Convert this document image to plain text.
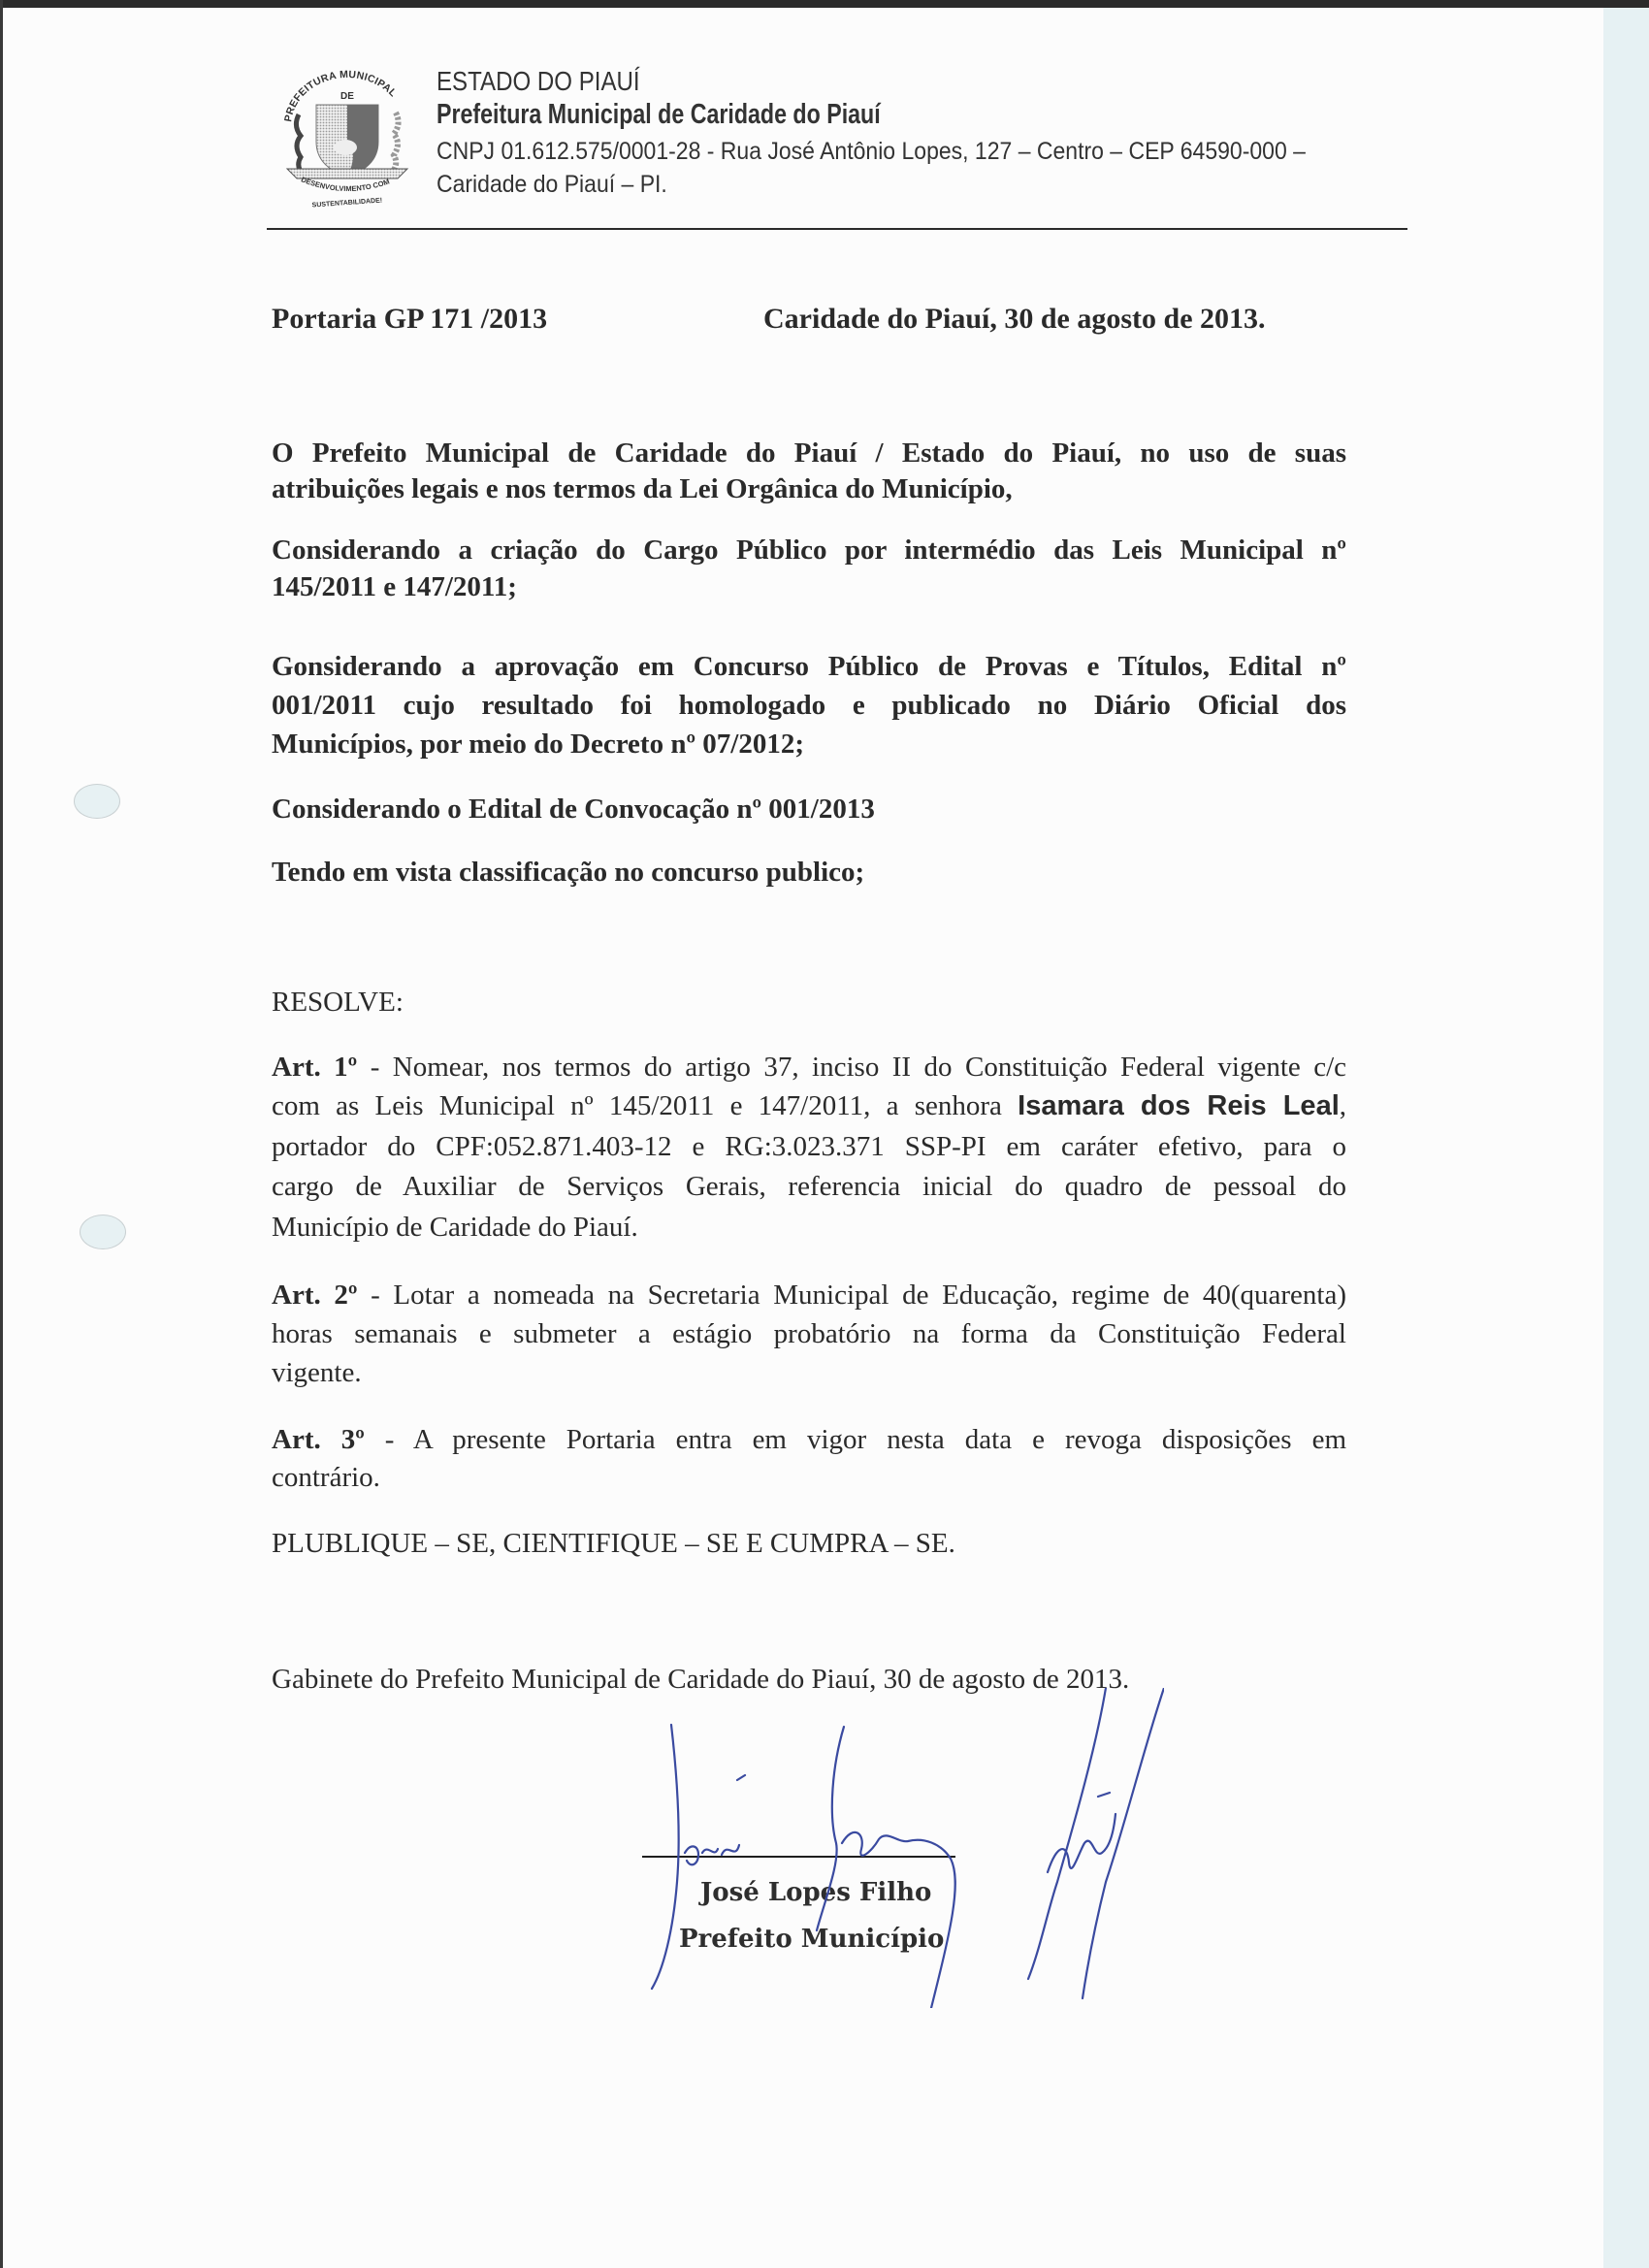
PREFEITURA MUNICIPAL
DE
DESENVOLVIMENTO COM
SUSTENTABILIDADE!
ESTADO DO PIAUÍ
Prefeitura Municipal de Caridade do Piauí
CNPJ 01.612.575/0001-28 - Rua José Antônio Lopes, 127 – Centro – CEP 64590-000 –
Caridade do Piauí – PI.
Portaria GP 171 /2013	Caridade do Piauí, 30 de agosto de 2013.
O Prefeito Municipal de Caridade do Piauí / Estado do Piauí, no uso de suas
atribuições legais e nos termos da Lei Orgânica do Município,
Considerando a criação do Cargo Público por intermédio das Leis Municipal nº
145/2011 e 147/2011;
Gonsiderando a aprovação em Concurso Público de Provas e Títulos, Edital nº
001/2011 cujo resultado foi homologado e publicado no Diário Oficial dos
Municípios, por meio do Decreto nº 07/2012;
Considerando o Edital de Convocação nº 001/2013
Tendo em vista classificação no concurso publico;
RESOLVE:
Art. 1º - Nomear, nos termos do artigo 37, inciso II do Constituição Federal vigente c/c
com as Leis Municipal nº 145/2011 e 147/2011, a senhora Isamara dos Reis Leal,
portador do CPF:052.871.403-12 e RG:3.023.371 SSP-PI em caráter efetivo, para o
cargo de Auxiliar de Serviços Gerais, referencia inicial do quadro de pessoal do
Município de Caridade do Piauí.
Art. 2º - Lotar a nomeada na Secretaria Municipal de Educação, regime de 40(quarenta)
horas semanais e submeter a estágio probatório na forma da Constituição Federal
vigente.
Art. 3º - A presente Portaria entra em vigor nesta data e revoga disposições em
contrário.
PLUBLIQUE – SE, CIENTIFIQUE – SE E CUMPRA – SE.
Gabinete do Prefeito Municipal de Caridade do Piauí, 30 de agosto de 2013.
José Lopes Filho
Prefeito Município
